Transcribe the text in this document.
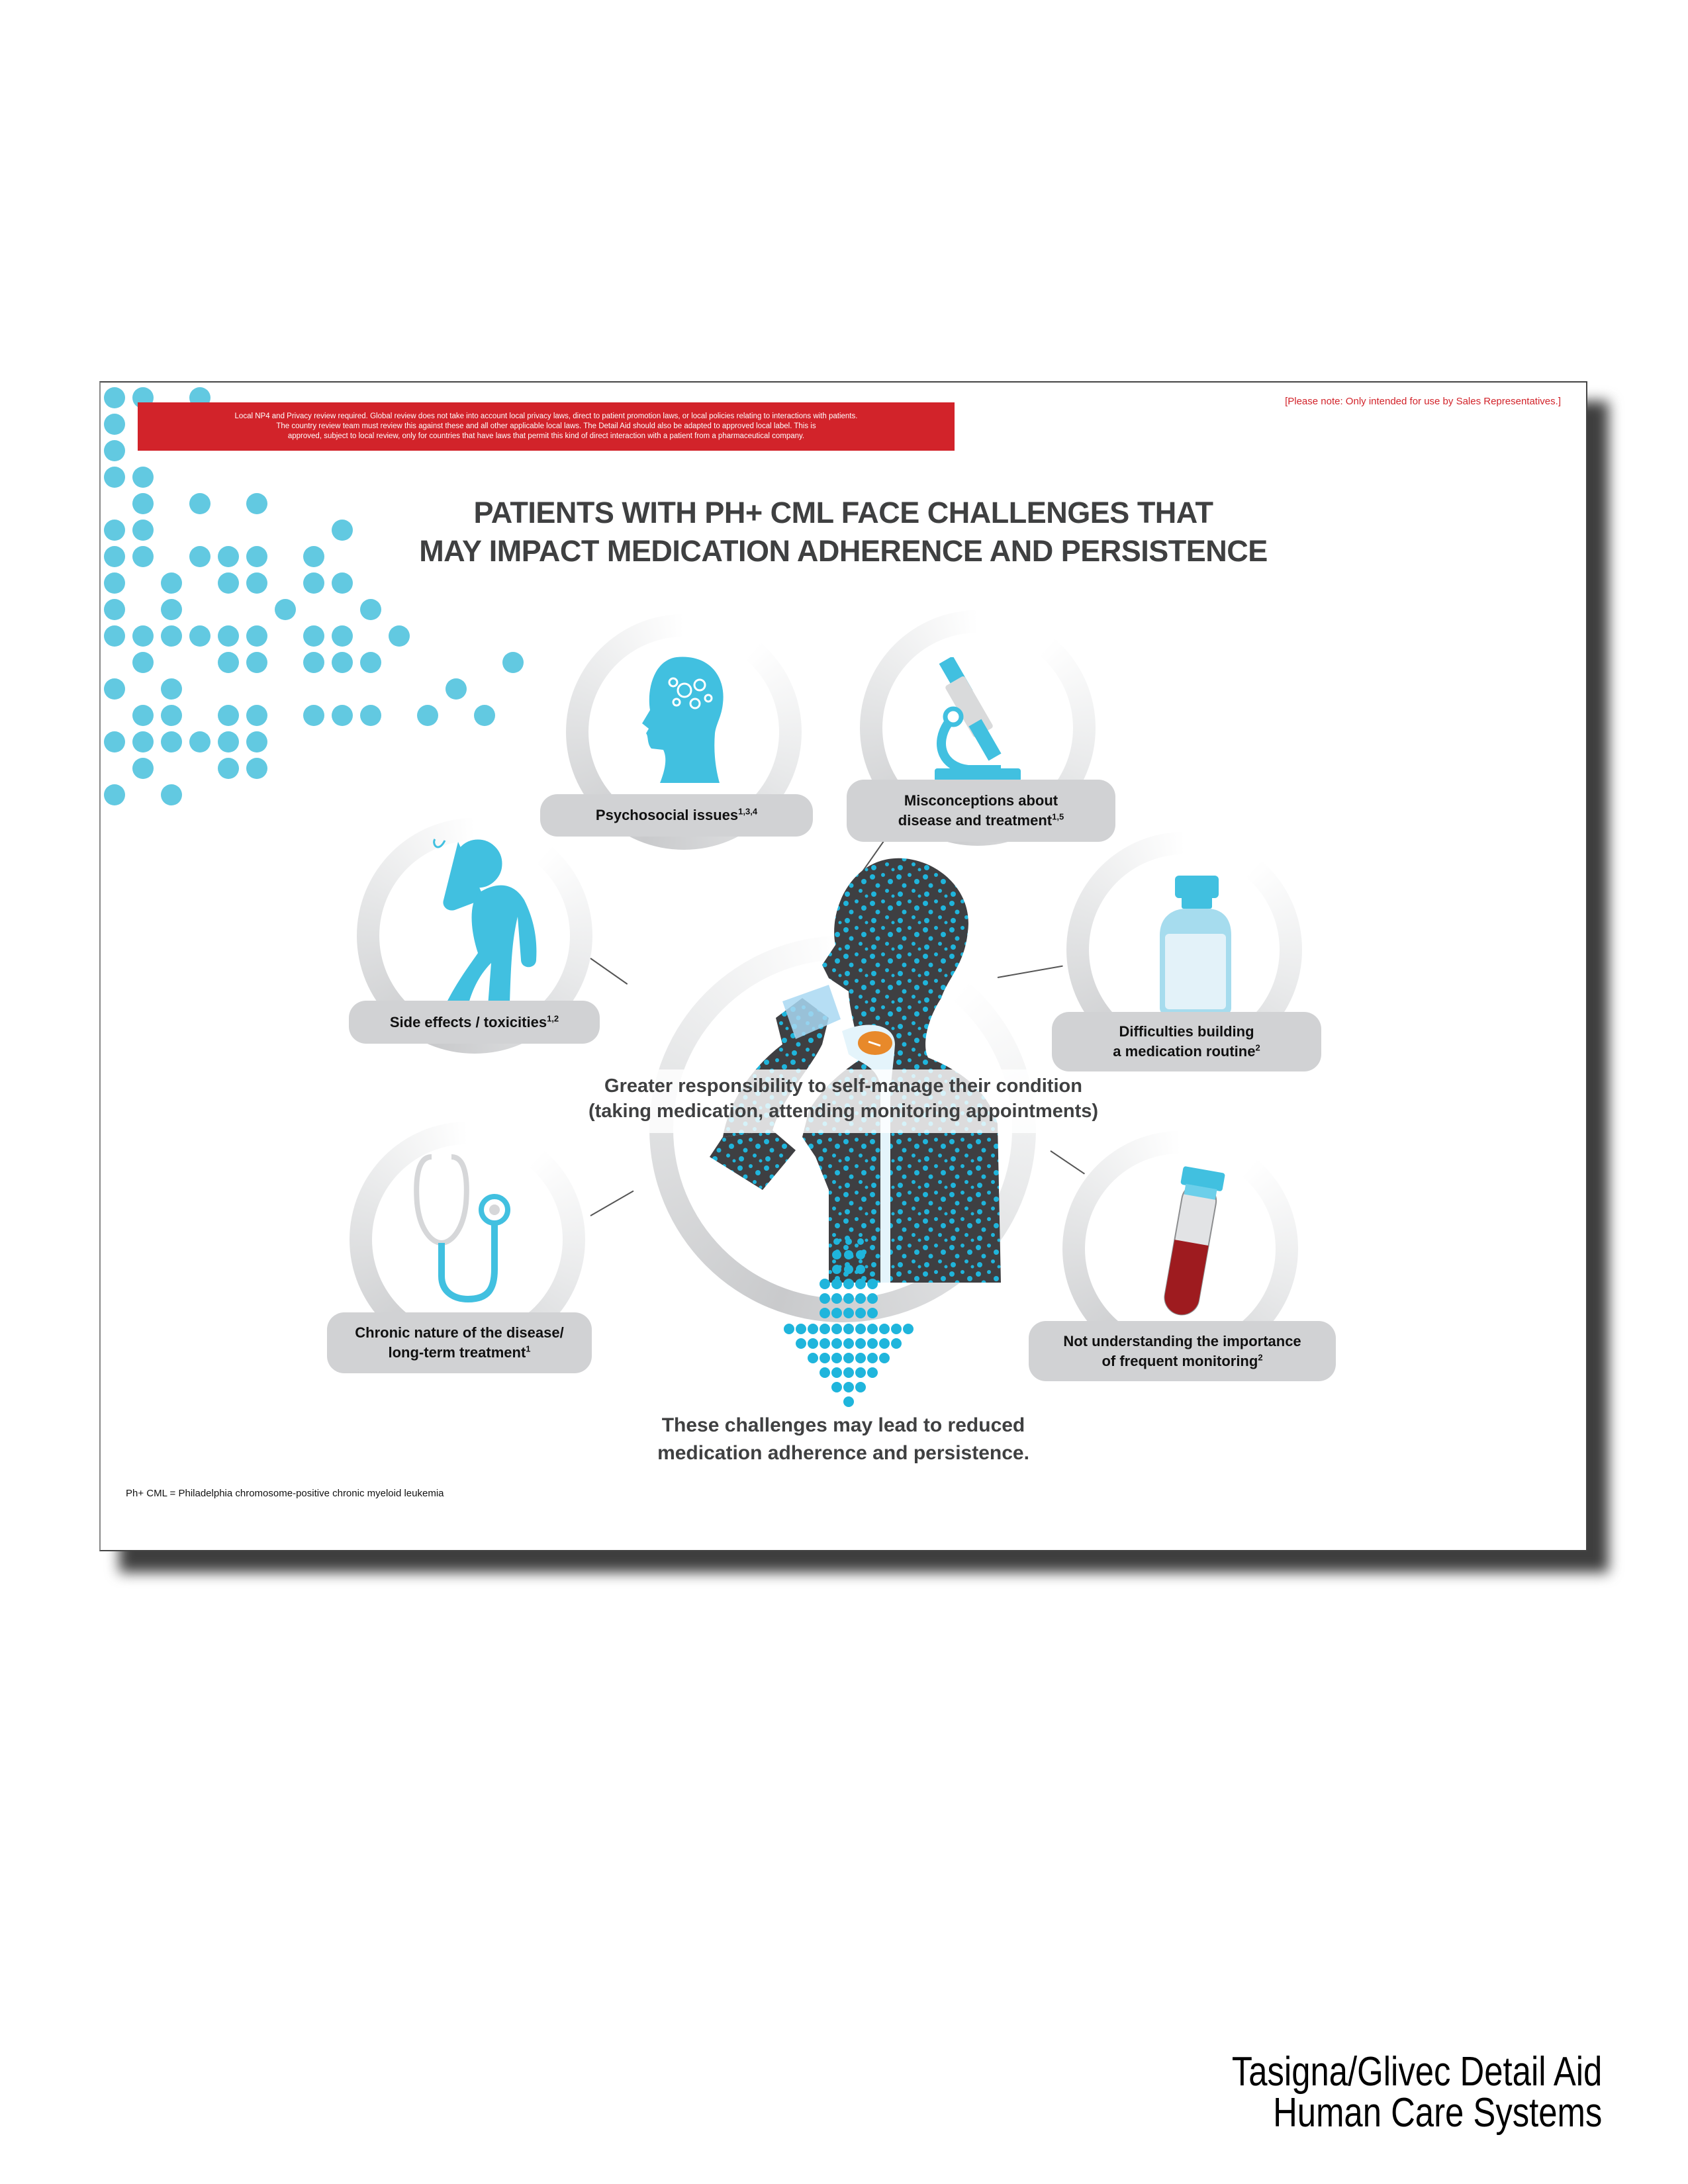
Local NP4 and Privacy review required. Global review does not take into account local privacy laws, direct to patient promotion laws, or local policies relating to interactions with patients.
The country review team must review this against these and all other applicable local laws. The Detail Aid should also be adapted to approved local label. This is
approved, subject to local review, only for countries that have laws that permit this kind of direct interaction with a patient from a pharmaceutical company.
[Please note: Only intended for use by Sales Representatives.]
PATIENTS WITH PH+ CML FACE CHALLENGES THAT
MAY IMPACT MEDICATION ADHERENCE AND PERSISTENCE
Greater responsibility to self-manage their condition
(taking medication, attending monitoring appointments)
Psychosocial issues$^{1,3,4}$
Misconceptions about
disease and treatment$^{1,5}$
Side effects / toxicities$^{1,2}$
Difficulties building
a medication routine$^2$
Chronic nature of the disease/
long-term treatment$^1$	Not understanding the importance
of frequent monitoring$^2$
These challenges may lead to reduced
medication adherence and persistence.
Ph+ CML = Philadelphia chromosome-positive chronic myeloid leukemia
Tasigna/Glivec Detail Aid
Human Care Systems
